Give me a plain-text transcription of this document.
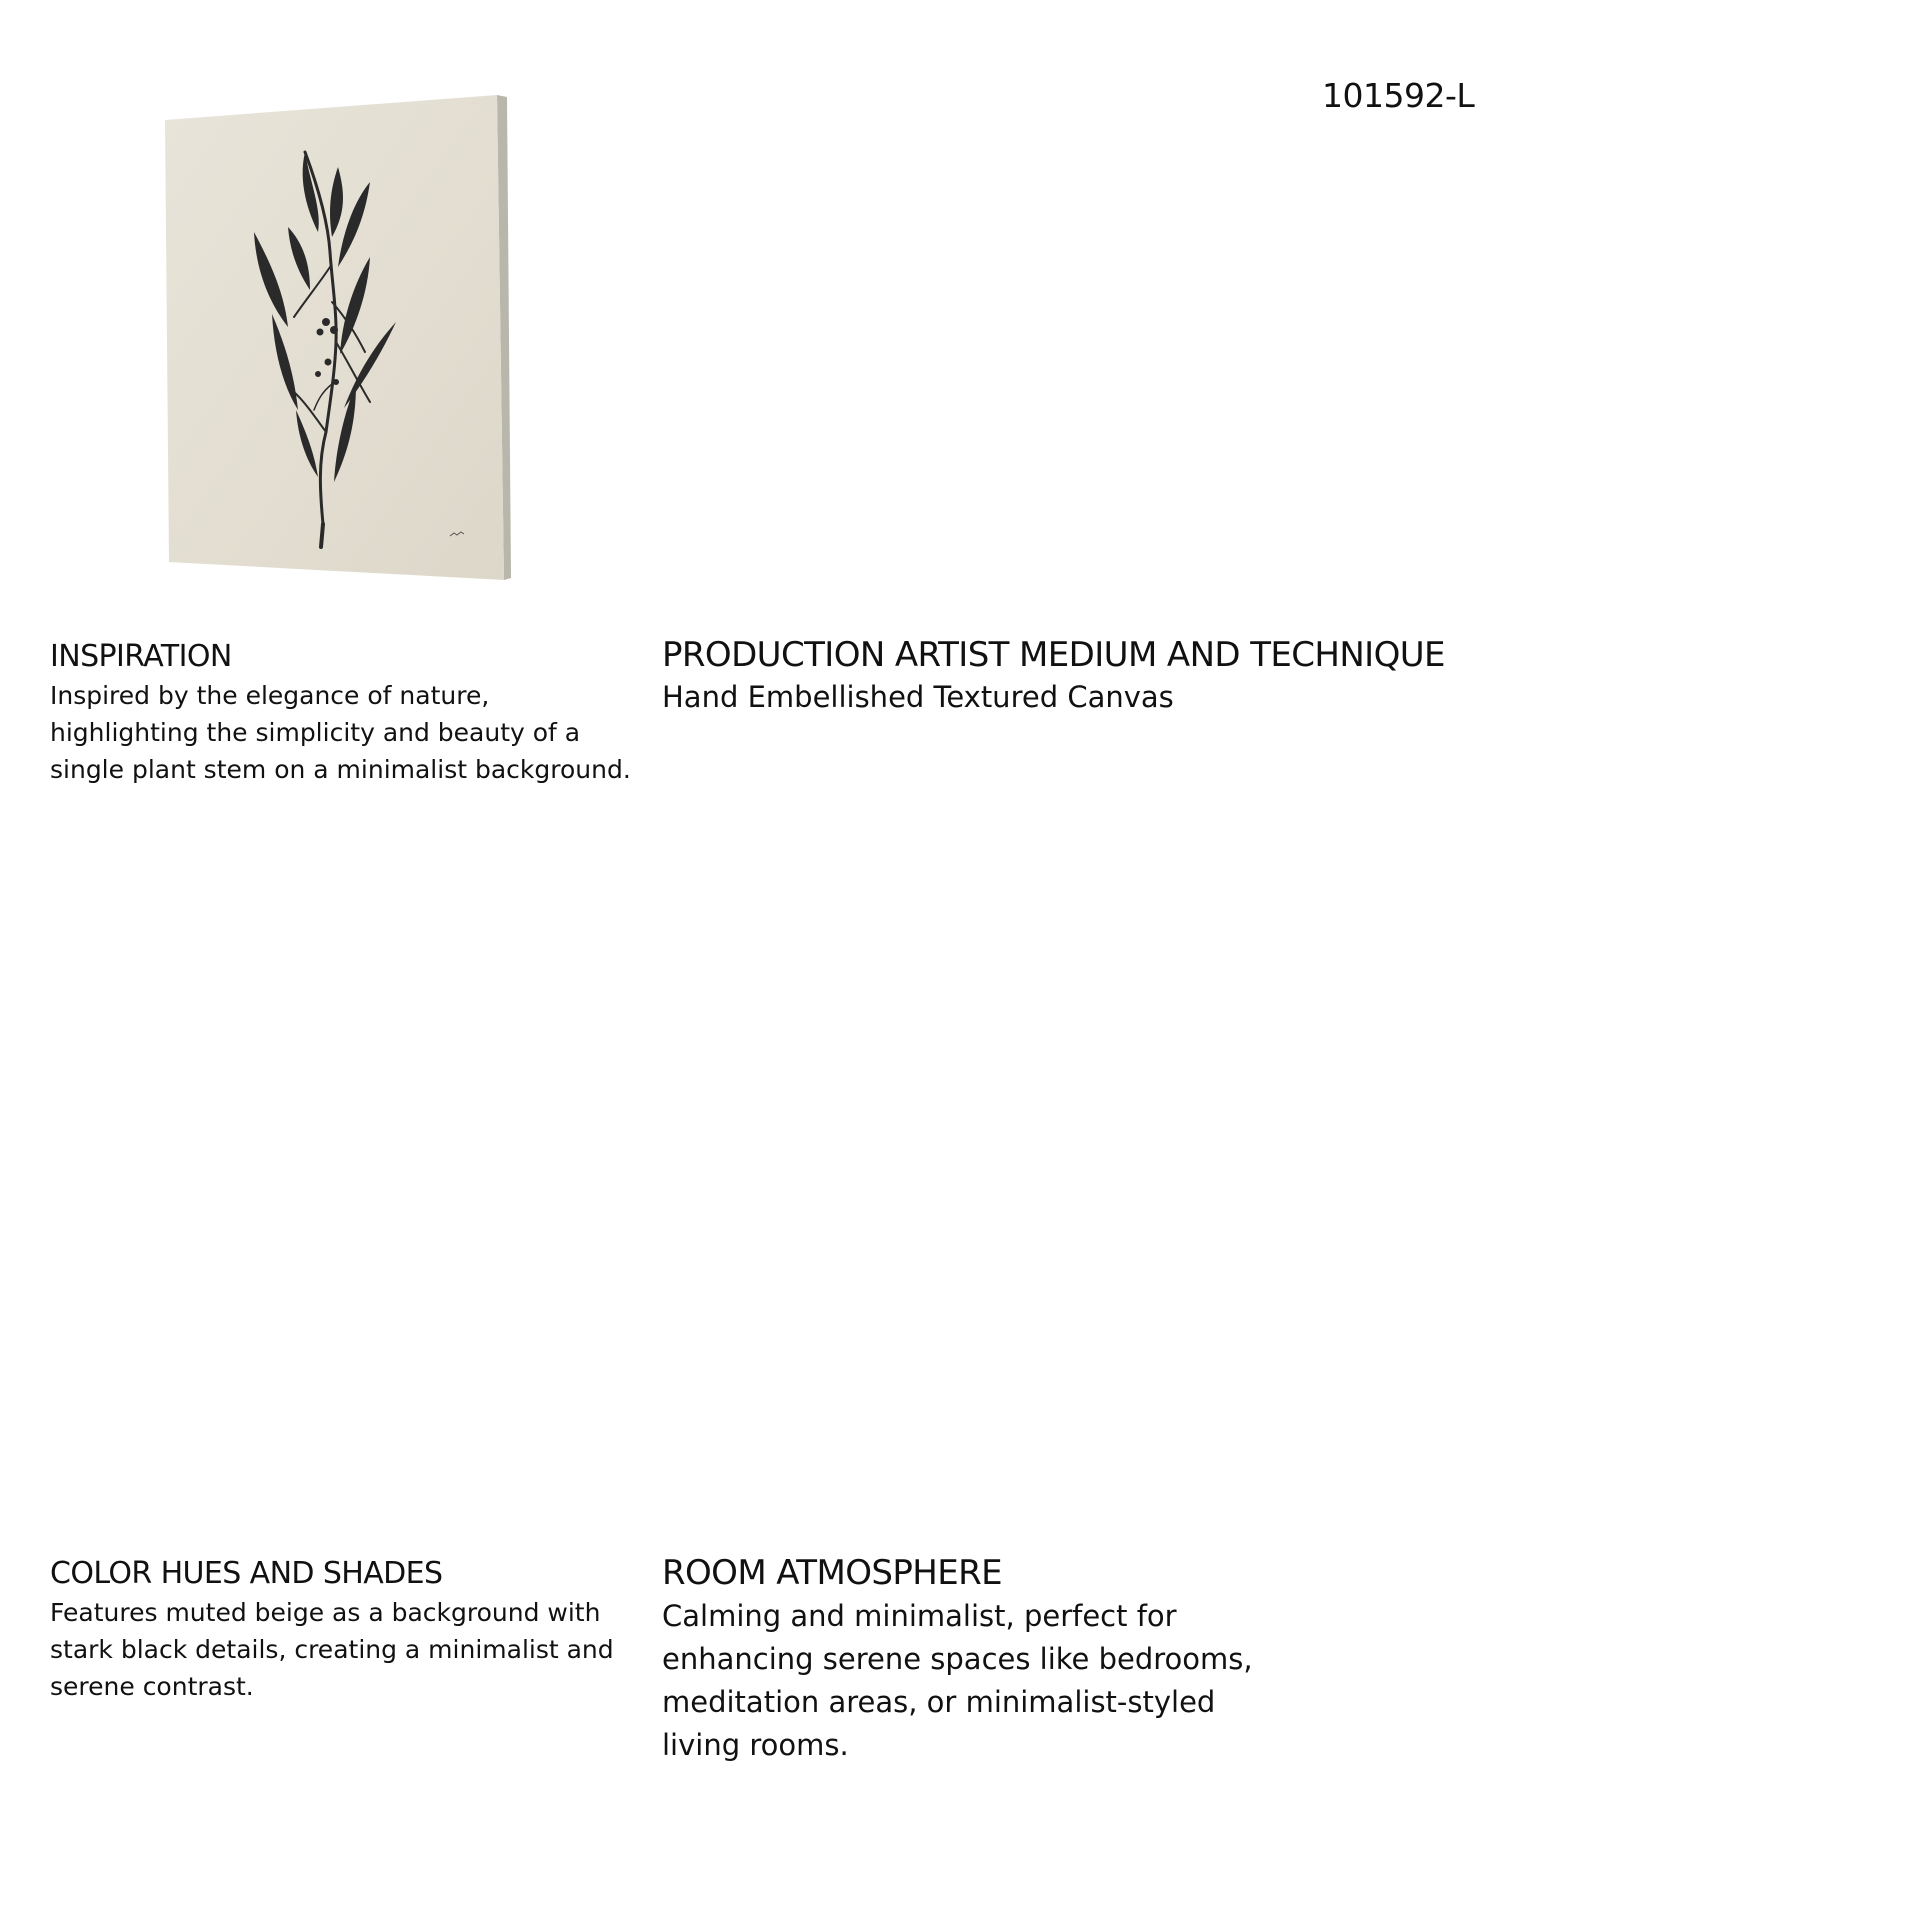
101592-L
INSPIRATION

Inspired by the elegance of nature, highlighting the simplicity and beauty of a single plant stem on a minimalist background.

PRODUCTION ARTIST MEDIUM AND TECHNIQUE

Hand Embellished Textured Canvas

COLOR HUES AND SHADES

Features muted beige as a background with stark black details, creating a minimalist and serene contrast.

ROOM ATMOSPHERE

Calming and minimalist, perfect for enhancing serene spaces like bedrooms, meditation areas, or minimalist-styled living rooms.
